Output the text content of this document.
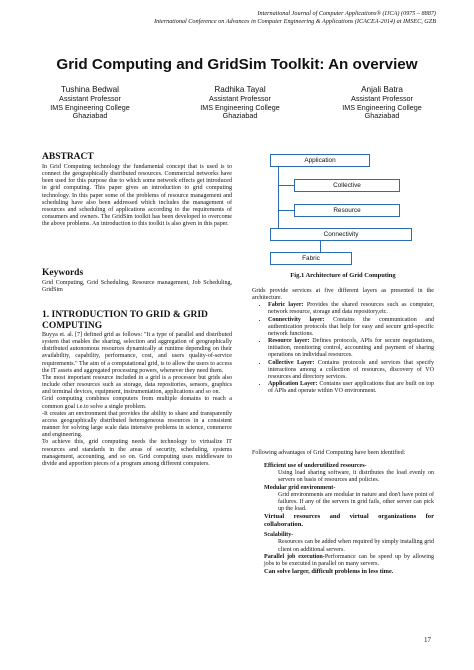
International Journal of Computer Applications® (IJCA) (0975 – 8887)
International Conference on Advances in Computer Engineering & Applications (ICACEA-2014) at IMSEC, GZB
Grid Computing and GridSim Toolkit: An overview
Tushina Bedwal
Assistant Professor
IMS Engineering College
Ghaziabad
Radhika Tayal
Assistant Professor
IMS Engineering College
Ghaziabad
Anjali Batra
Assistant Professor
IMS Engineering College
Ghaziabad
ABSTRACT
In Grid Computing technology the fundamental concept that is used is to connect the geographically distributed resources. Commercial networks have been used for this purpose due to which some network effects get introduced in grid computing. This paper gives an introduction to grid computing technology. In this paper some of the problems of resource management and scheduling have also been addressed which includes the management of resources and scheduling of applications according to the requirements of consumers and owners. The GridSim toolkit has been developed to overcome the above problems. An introduction to this toolkit is also given in this paper.
Keywords
Grid Computing, Grid Scheduling, Resource management, Job Scheduling, GridSim
1. INTRODUCTION TO GRID & GRID COMPUTING
Buyya et. al. [7] defined grid as follows: "It a type of parallel and distributed system that enables the sharing, selection and aggregation of geographically distributed autonomous resources dynamically at runtime depending on their availability, capability, performance, cost, and users quality-of-service requirements." The aim of a computational grid, is to allow the users to access the IT assets and aggregated processing powers, whenever they need them.
The most important resource included in a grid is a processor but grids also include other resources such as storage, data repositories, sensors, graphics and terminal devices, equipment, instrumentation, applications and so on.
Grid computing combines computers from multiple domains to reach a common goal i.e.to solve a single problem.
-It creates an environment that provides the ability to share and transparently access geographically distributed heterogeneous resources in a consistent manner for solving large scale data intensive problems in science, commerce and engineering.
To achieve this, grid computing needs the technology to virtualize IT resources and standards in the areas of security, scheduling, systems management, accounting, and so on. Grid computing uses middleware to divide and apportion pieces of a program among different computers.
Application
Collective
Resource
Connectivity
Fabric
Fig.1 Architecture of Grid Computing
Grids provide services at five different layers as presented in the architecture.
• Fabric layer: Provides the shared resources such as computer, network resource, storage and data repository,etc.
• Connectivity layer: Contains the communication and authentication protocols that help for easy and secure grid-specific network functions.
• Resource layer: Defines protocols, APIs for secure negotiations, initiation, monitoring control, accounting and payment of sharing operations on individual resources.
• Collective Layer: Contains protocols and services that specify interactions among a collection of resources, discovery of VO resources and directory services.
• Application Layer: Contains user applications that are built on top of APIs and operate within VO environment.
Following advantages of Grid Computing have been identified:
Efficient use of underutilized resources-
Using load sharing software, it distributes the load evenly on servers on basis of resources and policies.
Modular grid environment-
Grid environments are modular in nature and don't have point of failures. If any of the servers in grid fails, other server can pick up the load.
Virtual resources and virtual organizations for collaboration.
Scalability-
Resources can be added when required by simply installing grid client on additional servers.
Parallel job execution-Performance can be speed up by allowing jobs to be executed in parallel on many servers.
Can solve larger, difficult problems in less time.
17
